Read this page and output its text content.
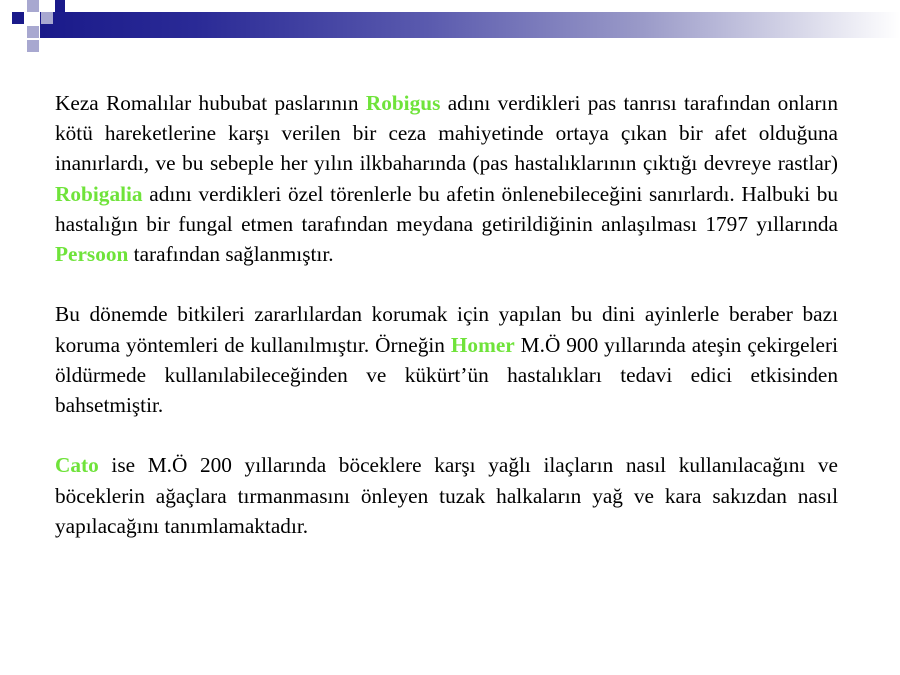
Keza Romalılar hububat paslarının Robigus adını verdikleri pas tanrısı tarafından onların kötü hareketlerine karşı verilen bir ceza mahiyetinde ortaya çıkan bir afet olduğuna inanırlardı, ve bu sebeple her yılın ilkbaharında (pas hastalıklarının çıktığı devreye rastlar) Robigalia adını verdikleri özel törenlerle bu afetin önlenebileceğini sanırlardı. Halbuki bu hastalığın bir fungal etmen tarafından meydana getirildiğinin anlaşılması 1797 yıllarında Persoon tarafından sağlanmıştır.

Bu dönemde bitkileri zararlılardan korumak için yapılan bu dini ayinlerle beraber bazı koruma yöntemleri de kullanılmıştır. Örneğin Homer M.Ö 900 yıllarında ateşin çekirgeleri öldürmede kullanılabileceğinden ve kükürt’ün hastalıkları tedavi edici etkisinden bahsetmiştir.

Cato ise M.Ö 200 yıllarında böceklere karşı yağlı ilaçların nasıl kullanılacağını ve böceklerin ağaçlara tırmanmasını önleyen tuzak halkaların yağ ve kara sakızdan nasıl yapılacağını tanımlamaktadır.
